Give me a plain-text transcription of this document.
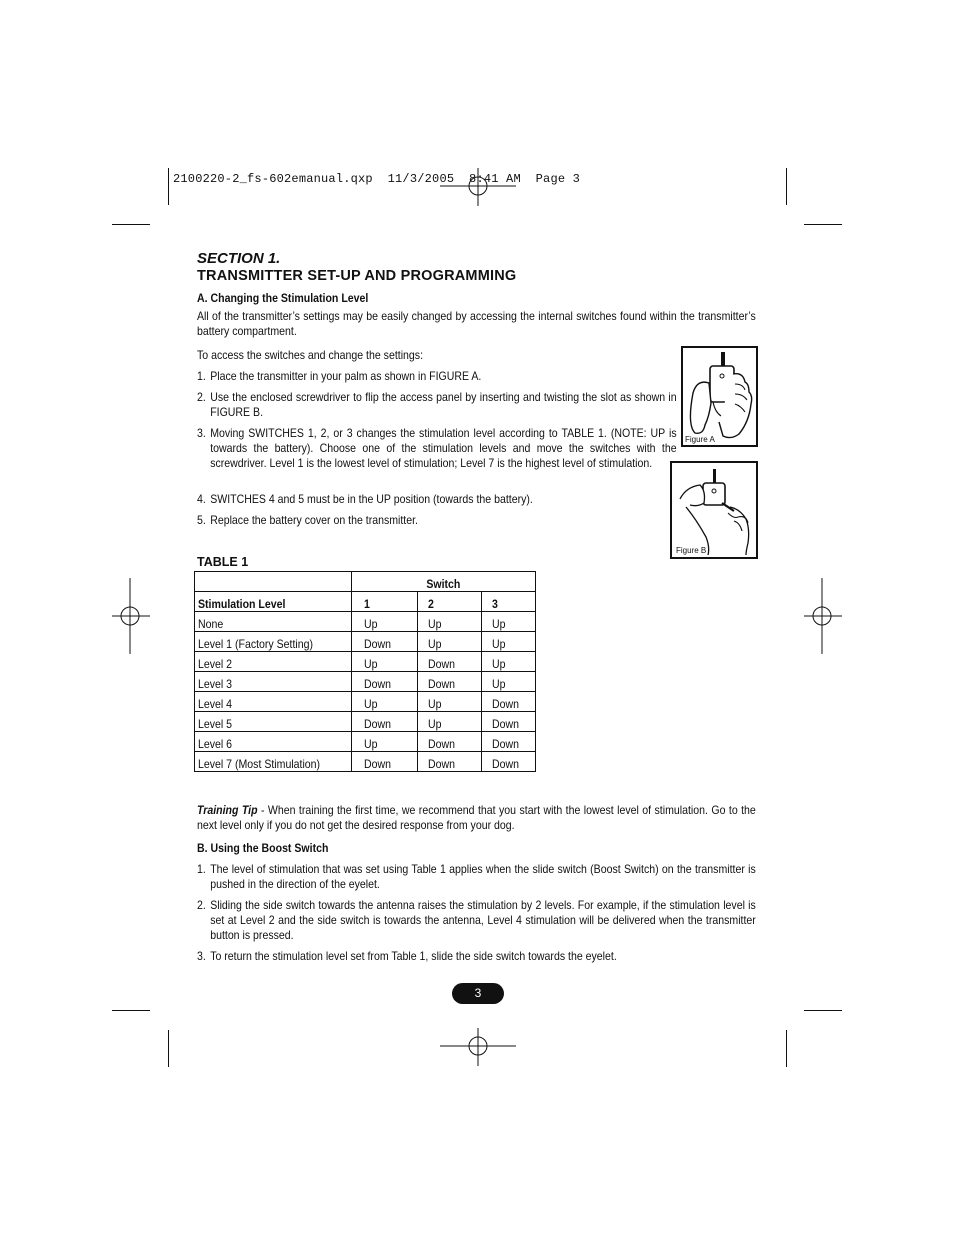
2100220-2_fs-602emanual.qxp  11/3/2005  8:41 AM  Page 3
SECTION 1.
TRANSMITTER SET-UP AND PROGRAMMING
A. Changing the Stimulation Level
All of the transmitter’s settings may be easily changed by accessing the internal switches found within the transmitter’s battery compartment.
To access the switches and change the settings:
1. Place the transmitter in your palm as shown in FIGURE A.
2. Use the enclosed screwdriver to flip the access panel by inserting and twisting the slot as shown in FIGURE B.
3. Moving SWITCHES 1, 2, or 3 changes the stimulation level according to TABLE 1. (NOTE: UP is towards the battery). Choose one of the stimulation levels and move the switches with the screwdriver. Level 1 is the lowest level of stimulation; Level 7 is the highest level of stimulation.
4. SWITCHES 4 and 5 must be in the UP position (towards the battery).
5. Replace the battery cover on the transmitter.
Figure A
Figure B
TABLE 1
	Switch		
Stimulation Level	1	2	3
None	Up	Up	Up
Level 1 (Factory Setting)	Down	Up	Up
Level 2	Up	Down	Up
Level 3	Down	Down	Up
Level 4	Up	Up	Down
Level 5	Down	Up	Down
Level 6	Up	Down	Down
Level 7 (Most Stimulation)	Down	Down	Down
Training Tip - When training the first time, we recommend that you start with the lowest level of stimulation. Go to the next level only if you do not get the desired response from your dog.
B. Using the Boost Switch
1. The level of stimulation that was set using Table 1 applies when the slide switch (Boost Switch) on the transmitter is pushed in the direction of the eyelet.
2. Sliding the side switch towards the antenna raises the stimulation by 2 levels. For example, if the stimulation level is set at Level 2 and the side switch is towards the antenna, Level 4 stimulation will be delivered when the transmitter button is pressed.
3. To return the stimulation level set from Table 1, slide the side switch towards the eyelet.
3
